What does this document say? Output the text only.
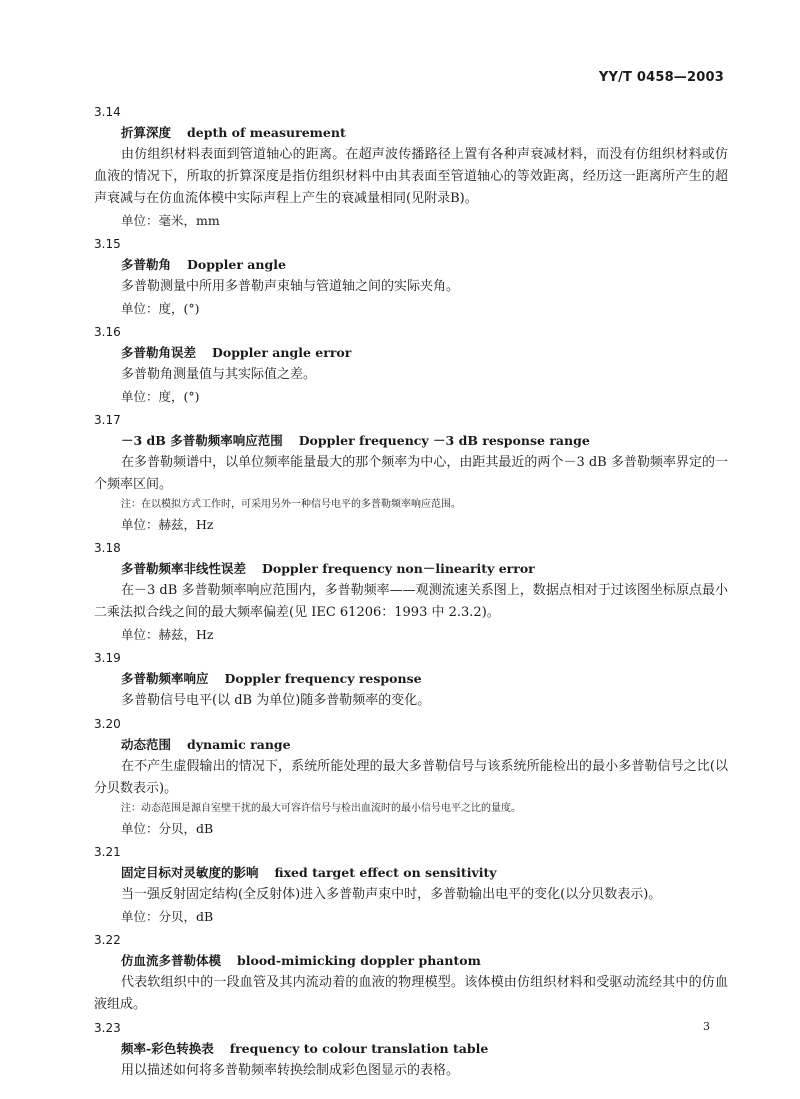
YY/T 0458—2003
3.14
折算深度 depth of measurement
由仿组织材料表面到管道轴心的距离。在超声波传播路径上置有各种声衰减材料，而没有仿组织材料或仿血液的情况下，所取的折算深度是指仿组织材料中由其表面至管道轴心的等效距离，经历这一距离所产生的超声衰减与在仿血流体模中实际声程上产生的衰减量相同(见附录B)。
单位：毫米，mm
3.15
多普勒角 Doppler angle
多普勒测量中所用多普勒声束轴与管道轴之间的实际夹角。
单位：度，(°)
3.16
多普勒角误差 Doppler angle error
多普勒角测量值与其实际值之差。
单位：度，(°)
3.17
－3 dB 多普勒频率响应范围 Doppler frequency －3 dB response range
在多普勒频谱中，以单位频率能量最大的那个频率为中心，由距其最近的两个－3 dB 多普勒频率界定的一个频率区间。
注：在以模拟方式工作时，可采用另外一种信号电平的多普勒频率响应范围。
单位：赫兹，Hz
3.18
多普勒频率非线性误差 Doppler frequency non－linearity error
在－3 dB 多普勒频率响应范围内，多普勒频率——观测流速关系图上，数据点相对于过该图坐标原点最小二乘法拟合线之间的最大频率偏差(见 IEC 61206：1993 中 2.3.2)。
单位：赫兹，Hz
3.19
多普勒频率响应 Doppler frequency response
多普勒信号电平(以 dB 为单位)随多普勒频率的变化。
3.20
动态范围 dynamic range
在不产生虚假输出的情况下，系统所能处理的最大多普勒信号与该系统所能检出的最小多普勒信号之比(以分贝数表示)。
注：动态范围是源自室壁干扰的最大可容许信号与检出血流时的最小信号电平之比的量度。
单位：分贝，dB
3.21
固定目标对灵敏度的影响 fixed target effect on sensitivity
当一强反射固定结构(全反射体)进入多普勒声束中时，多普勒输出电平的变化(以分贝数表示)。
单位：分贝，dB
3.22
仿血流多普勒体模 blood-mimicking doppler phantom
代表软组织中的一段血管及其内流动着的血液的物理模型。该体模由仿组织材料和受驱动流经其中的仿血液组成。
3.23
频率-彩色转换表 frequency to colour translation table
用以描述如何将多普勒频率转换绘制成彩色图显示的表格。
3
